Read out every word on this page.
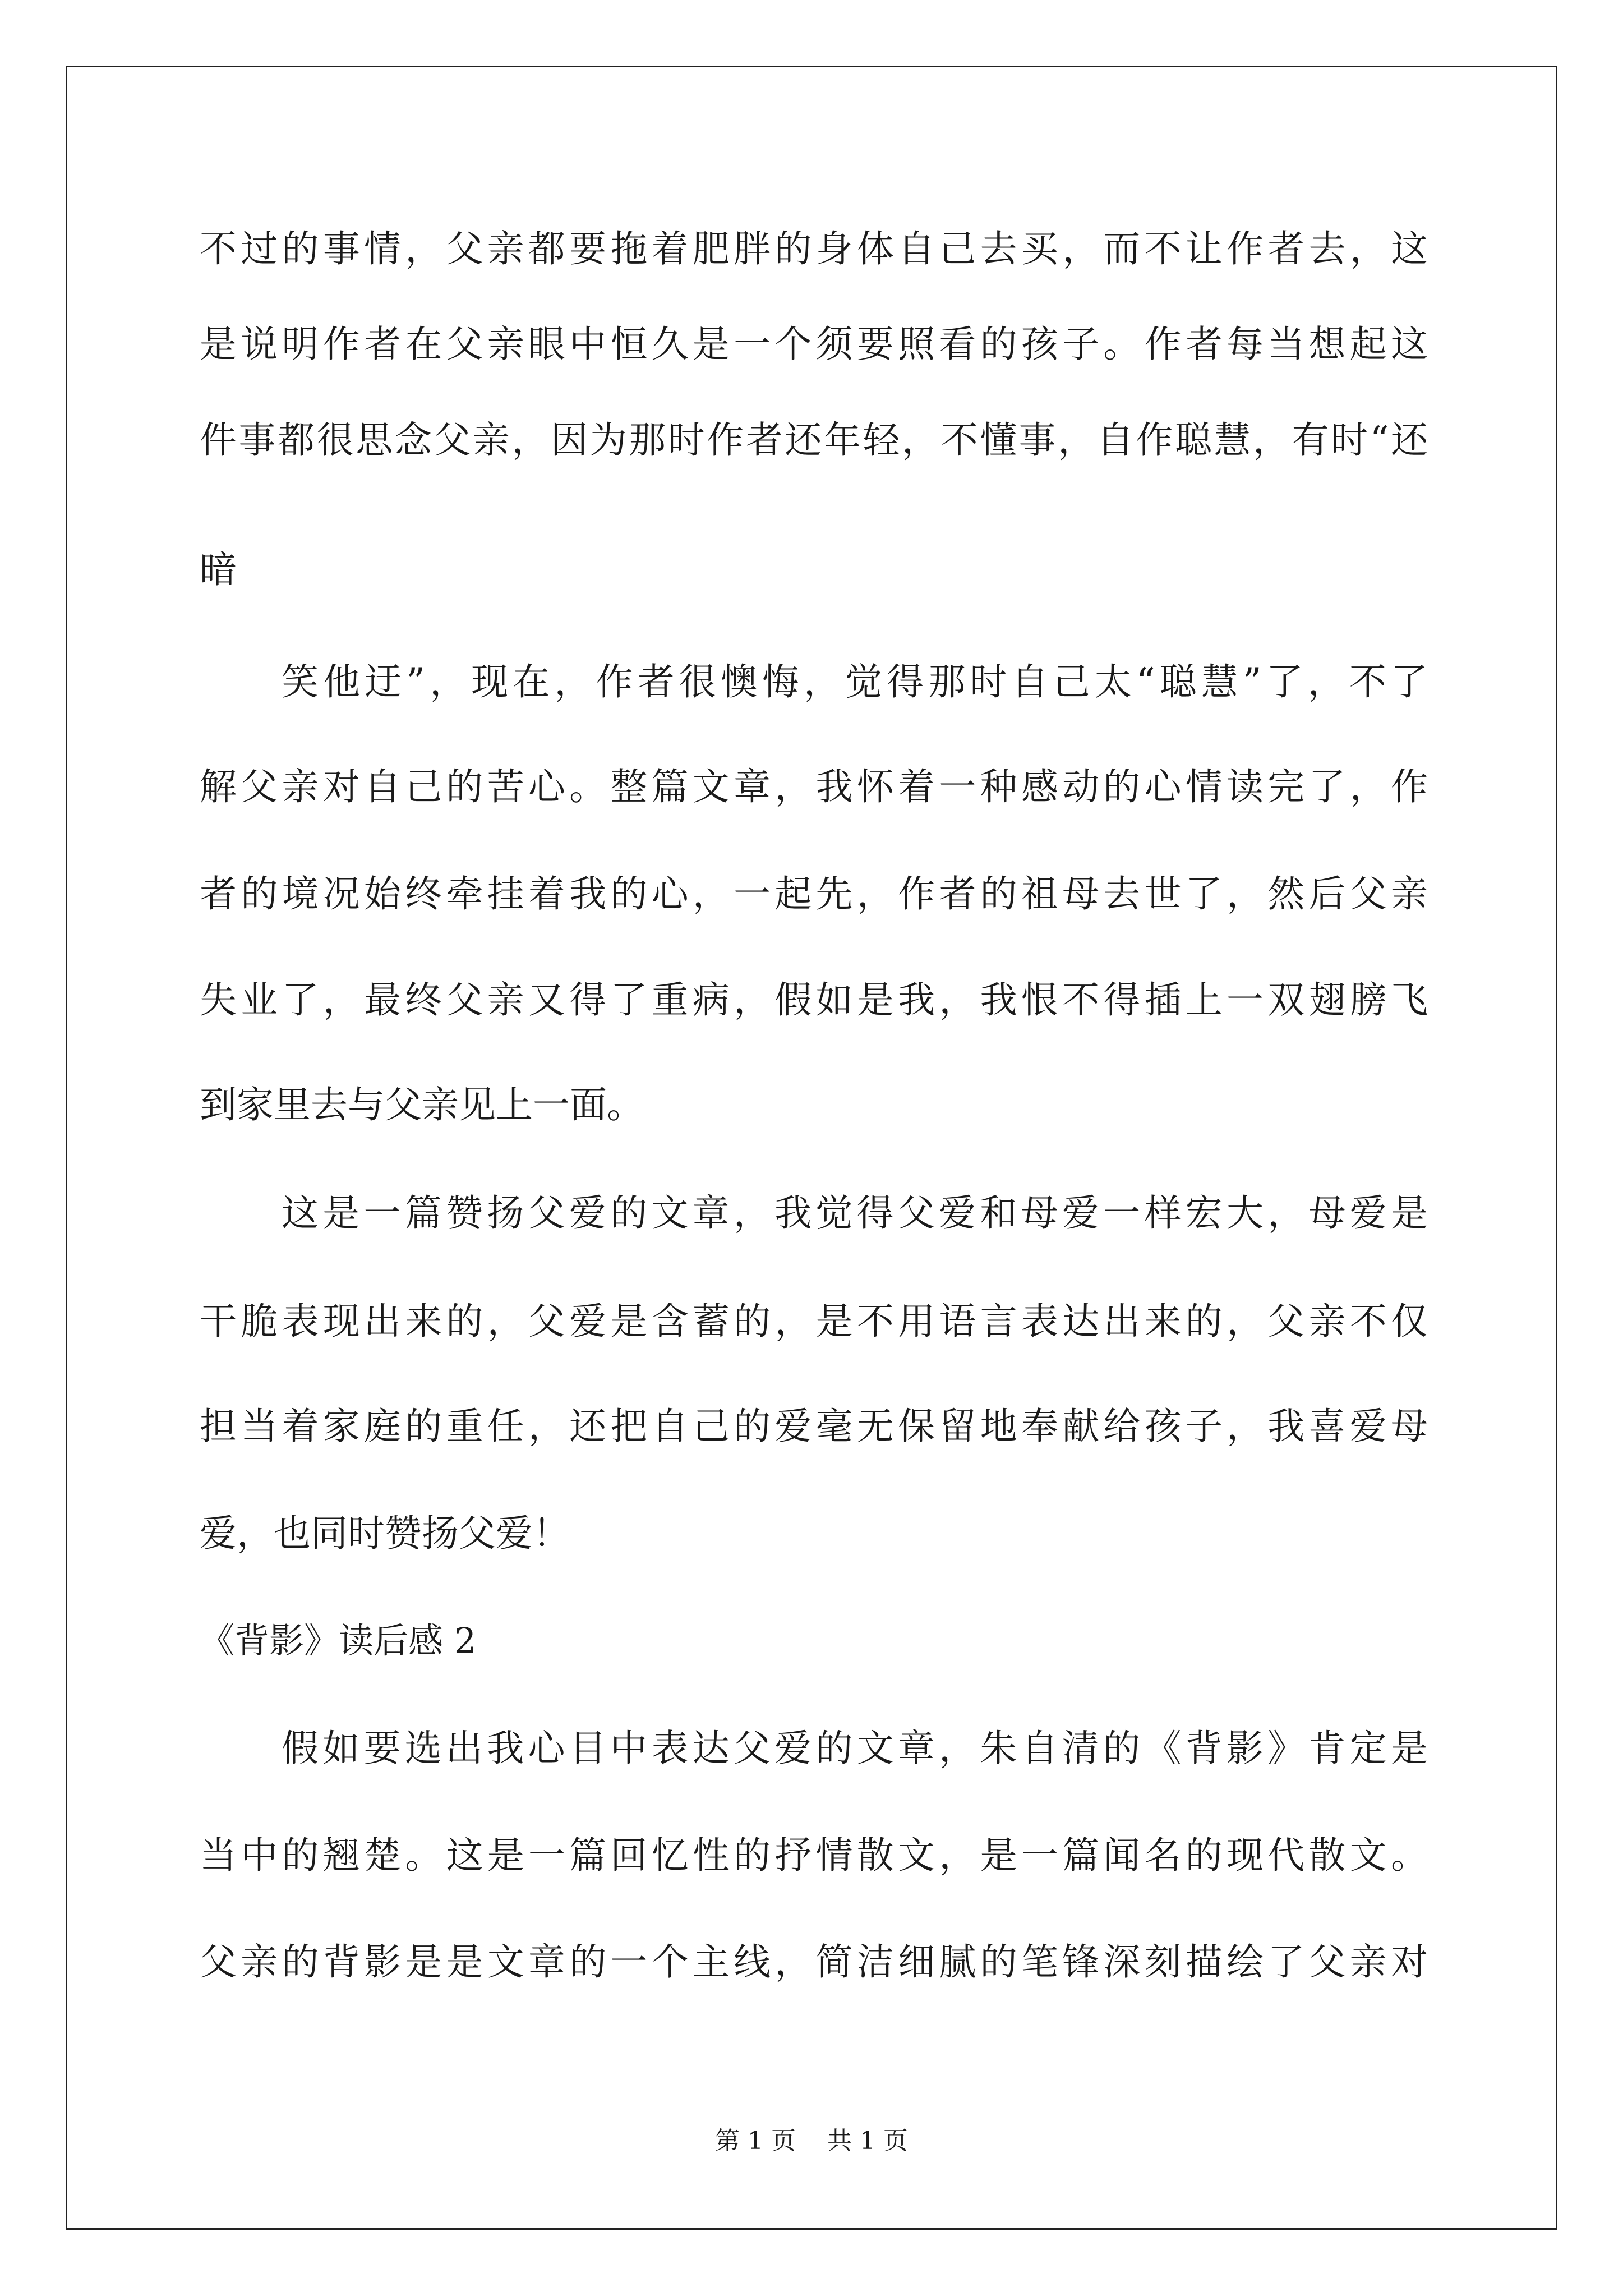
不过的事情，父亲都要拖着肥胖的身体自己去买，而不让作者去，这
是说明作者在父亲眼中恒久是一个须要照看的孩子。作者每当想起这
件事都很思念父亲，因为那时作者还年轻，不懂事，自作聪慧，有时“还
暗
笑他迂”，现在，作者很懊悔，觉得那时自己太“聪慧”了，不了
解父亲对自己的苦心。整篇文章，我怀着一种感动的心情读完了，作
者的境况始终牵挂着我的心，一起先，作者的祖母去世了，然后父亲
失业了，最终父亲又得了重病，假如是我，我恨不得插上一双翅膀飞
到家里去与父亲见上一面。
这是一篇赞扬父爱的文章，我觉得父爱和母爱一样宏大，母爱是
干脆表现出来的，父爱是含蓄的，是不用语言表达出来的，父亲不仅
担当着家庭的重任，还把自己的爱毫无保留地奉献给孩子，我喜爱母
爱，也同时赞扬父爱！
《背影》读后感 2
假如要选出我心目中表达父爱的文章，朱自清的《背影》肯定是
当中的翘楚。这是一篇回忆性的抒情散文，是一篇闻名的现代散文。
父亲的背影是是文章的一个主线，简洁细腻的笔锋深刻描绘了父亲对
第 1 页    共 1 页
